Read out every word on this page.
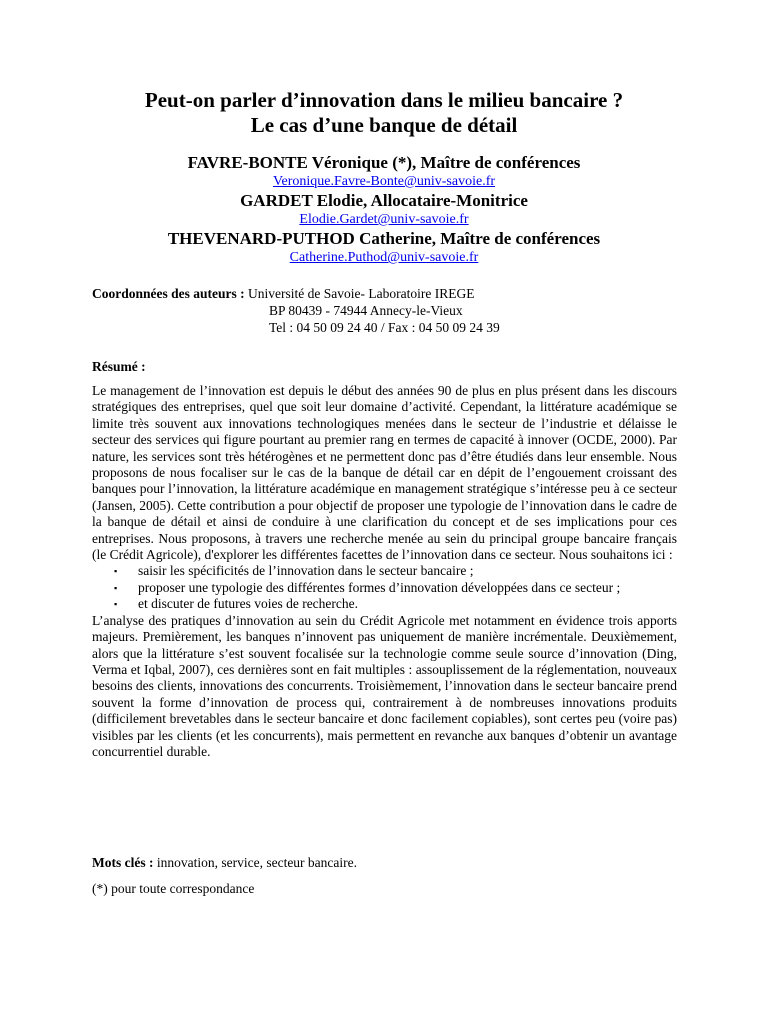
Peut-on parler d’innovation dans le milieu bancaire ?
Le cas d’une banque de détail
FAVRE-BONTE Véronique (*), Maître de conférences
Veronique.Favre-Bonte@univ-savoie.fr
GARDET Elodie, Allocataire-Monitrice
Elodie.Gardet@univ-savoie.fr
THEVENARD-PUTHOD Catherine, Maître de conférences
Catherine.Puthod@univ-savoie.fr
Coordonnées des auteurs : Université de Savoie- Laboratoire IREGE
BP 80439 - 74944 Annecy-le-Vieux
Tel : 04 50 09 24 40 / Fax : 04 50 09 24 39
Résumé :

Le management de l’innovation est depuis le début des années 90 de plus en plus présent dans les discours stratégiques des entreprises, quel que soit leur domaine d’activité. Cependant, la littérature académique se limite très souvent aux innovations technologiques menées dans le secteur de l’industrie et délaisse le secteur des services qui figure pourtant au premier rang en termes de capacité à innover (OCDE, 2000). Par nature, les services sont très hétérogènes et ne permettent donc pas d’être étudiés dans leur ensemble. Nous proposons de nous focaliser sur le cas de la banque de détail car en dépit de l’engouement croissant des banques pour l’innovation, la littérature académique en management stratégique s’intéresse peu à ce secteur (Jansen, 2005). Cette contribution a pour objectif de proposer une typologie de l’innovation dans le cadre de la banque de détail et ainsi de conduire à une clarification du concept et de ses implications pour ces entreprises. Nous proposons, à travers une recherche menée au sein du principal groupe bancaire français (le Crédit Agricole), d'explorer les différentes facettes de l’innovation dans ce secteur. Nous souhaitons ici :

▪ saisir les spécificités de l’innovation dans le secteur bancaire ;
▪ proposer une typologie des différentes formes d’innovation développées dans ce secteur ;
▪ et discuter de futures voies de recherche.

L’analyse des pratiques d’innovation au sein du Crédit Agricole met notamment en évidence trois apports majeurs. Premièrement, les banques n’innovent pas uniquement de manière incrémentale. Deuxièmement, alors que la littérature s’est souvent focalisée sur la technologie comme seule source d’innovation (Ding, Verma et Iqbal, 2007), ces dernières sont en fait multiples : assouplissement de la réglementation, nouveaux besoins des clients, innovations des concurrents. Troisièmement, l’innovation dans le secteur bancaire prend souvent la forme d’innovation de process qui, contrairement à de nombreuses innovations produits (difficilement brevetables dans le secteur bancaire et donc facilement copiables), sont certes peu (voire pas) visibles par les clients (et les concurrents), mais permettent en revanche aux banques d’obtenir un avantage concurrentiel durable.

Mots clés : innovation, service, secteur bancaire.
(*) pour toute correspondance
